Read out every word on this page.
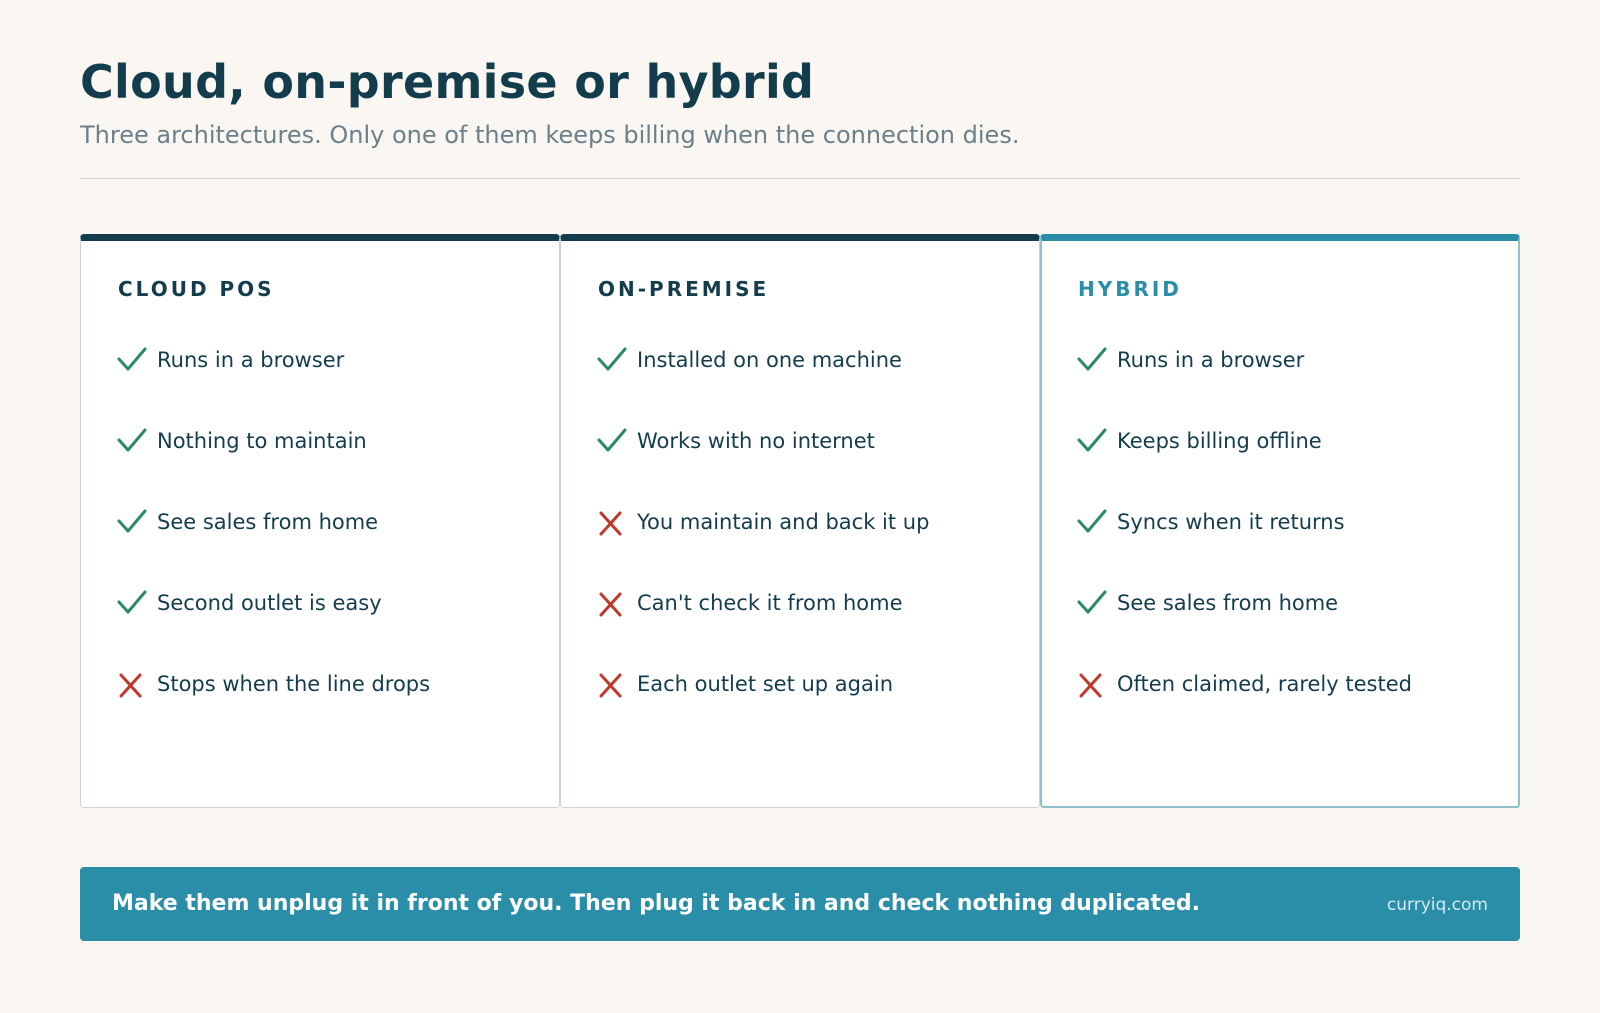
Cloud, on-premise or hybrid

Three architectures. Only one of them keeps billing when the connection dies.

CLOUD POS
Runs in a browser
Nothing to maintain
See sales from home
Second outlet is easy
Stops when the line drops
ON-PREMISE
Installed on one machine
Works with no internet
You maintain and back it up
Can't check it from home
Each outlet set up again
HYBRID
Runs in a browser
Keeps billing offline
Syncs when it returns
See sales from home
Often claimed, rarely tested
Make them unplug it in front of you. Then plug it back in and check nothing duplicated.	curryiq.com
